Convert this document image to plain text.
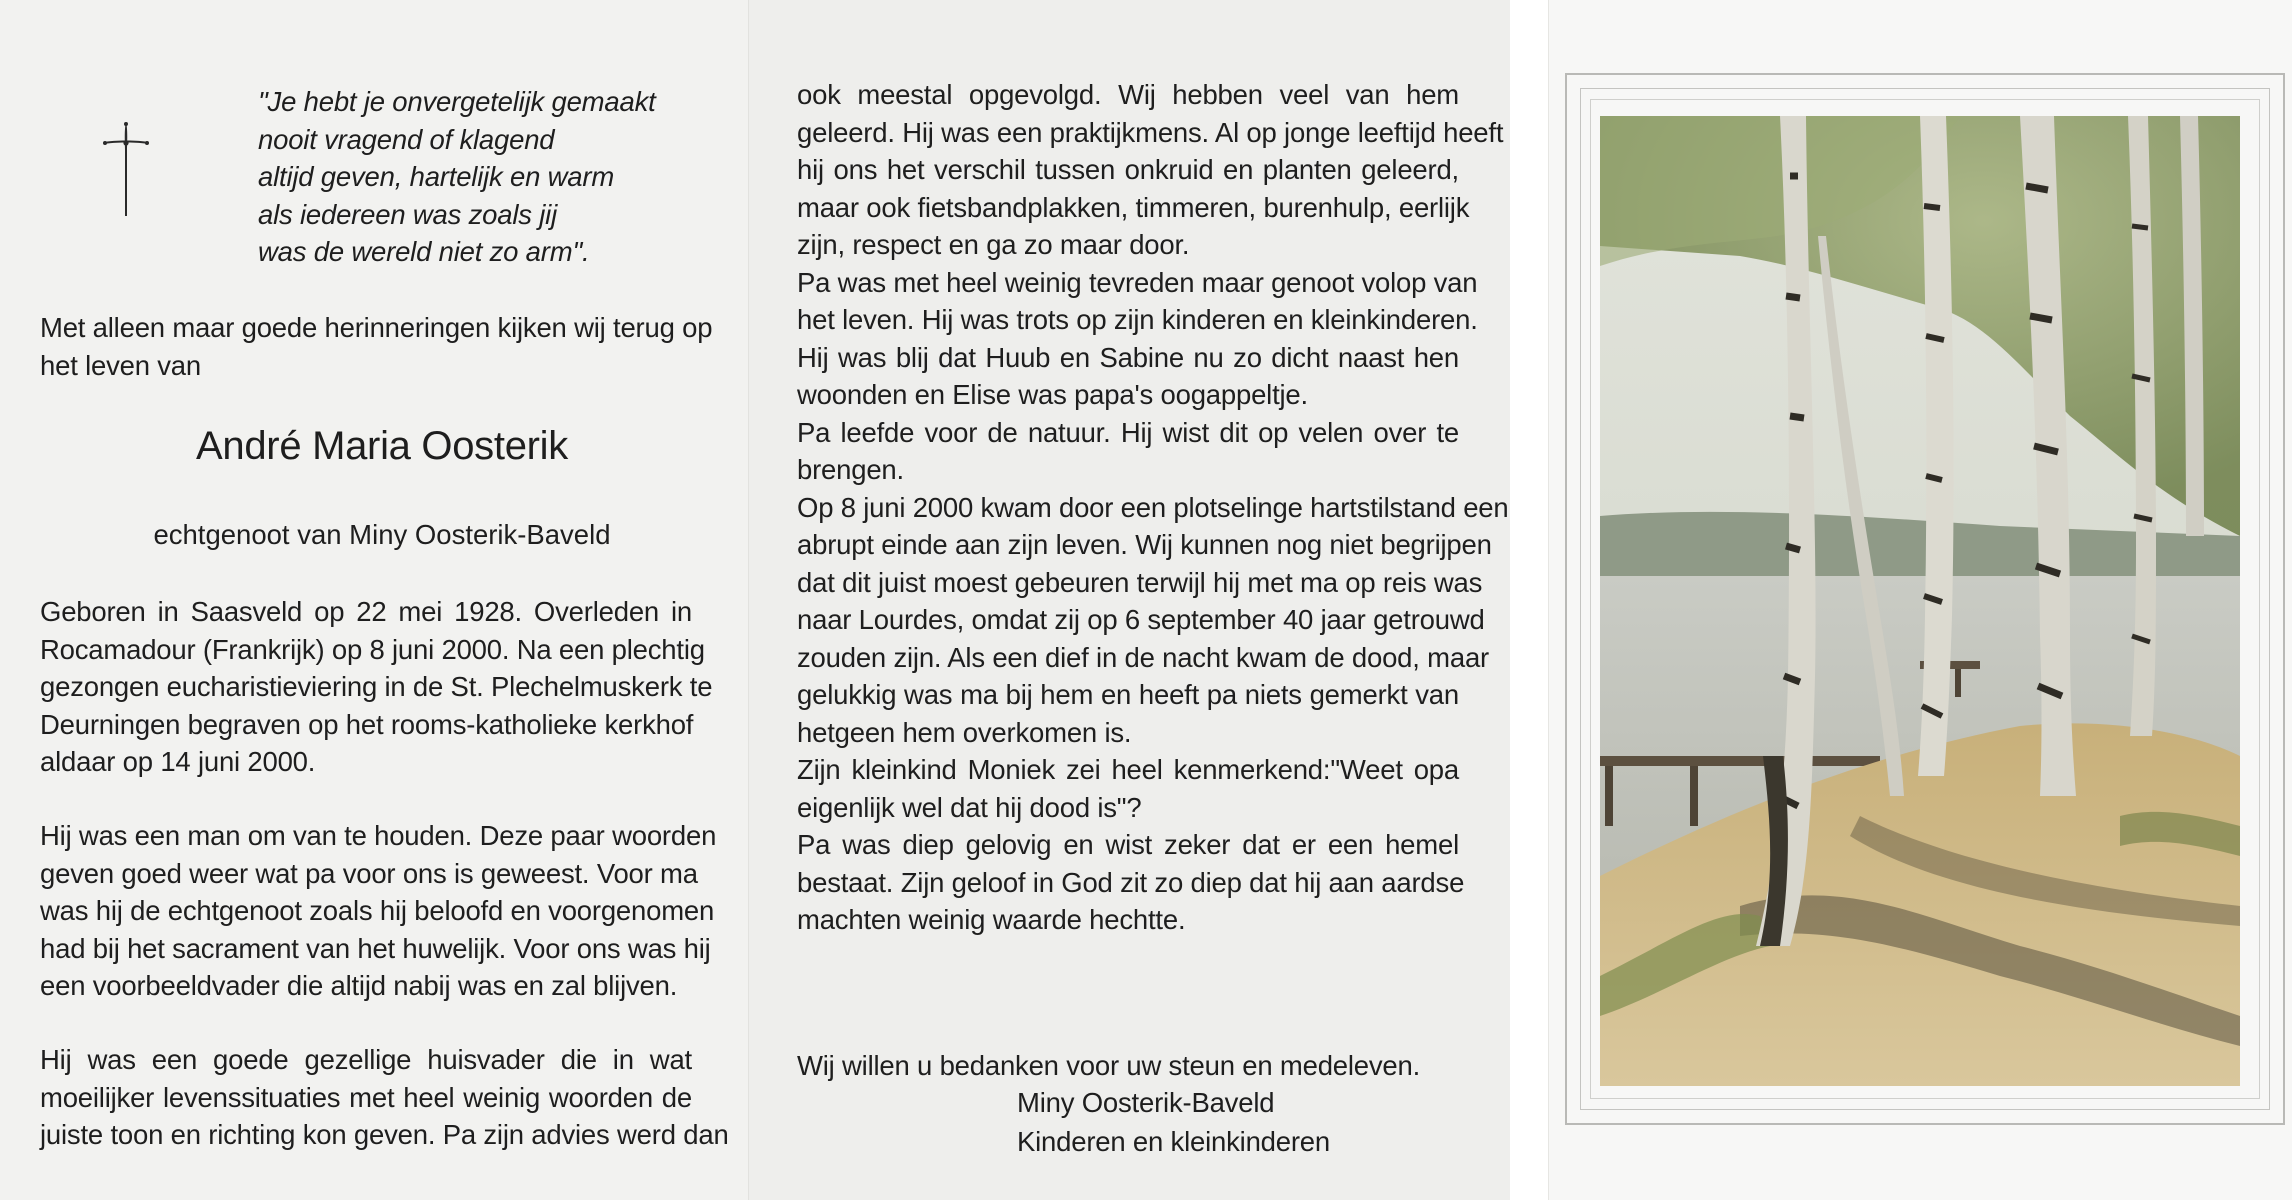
"Je hebt je onvergetelijk gemaakt
nooit vragend of klagend
altijd geven, hartelijk en warm
als iedereen was zoals jij
was de wereld niet zo arm".
Met alleen maar goede herinneringen kijken wij terug op
het leven van
André Maria Oosterik
echtgenoot van Miny Oosterik-Baveld
Geboren in Saasveld op 22 mei 1928. Overleden in
Rocamadour (Frankrijk) op 8 juni 2000. Na een plechtig
gezongen eucharistieviering in de St. Plechelmuskerk te
Deurningen begraven op het rooms-katholieke kerkhof
aldaar op 14 juni 2000.
Hij was een man om van te houden. Deze paar woorden
geven goed weer wat pa voor ons is geweest. Voor ma
was hij de echtgenoot zoals hij beloofd en voorgenomen
had bij het sacrament van het huwelijk. Voor ons was hij
een voorbeeldvader die altijd nabij was en zal blijven.
Hij was een goede gezellige huisvader die in wat
moeilijker levenssituaties met heel weinig woorden de
juiste toon en richting kon geven. Pa zijn advies werd dan
ook meestal opgevolgd. Wij hebben veel van hem
geleerd. Hij was een praktijkmens. Al op jonge leeftijd heeft
hij ons het verschil tussen onkruid en planten geleerd,
maar ook fietsbandplakken, timmeren, burenhulp, eerlijk
zijn, respect en ga zo maar door.
Pa was met heel weinig tevreden maar genoot volop van
het leven. Hij was trots op zijn kinderen en kleinkinderen.
Hij was blij dat Huub en Sabine nu zo dicht naast hen
woonden en Elise was papa's oogappeltje.
Pa leefde voor de natuur. Hij wist dit op velen over te
brengen.
Op 8 juni 2000 kwam door een plotselinge hartstilstand een
abrupt einde aan zijn leven. Wij kunnen nog niet begrijpen
dat dit juist moest gebeuren terwijl hij met ma op reis was
naar Lourdes, omdat zij op 6 september 40 jaar getrouwd
zouden zijn. Als een dief in de nacht kwam de dood, maar
gelukkig was ma bij hem en heeft pa niets gemerkt van
hetgeen hem overkomen is.
Zijn kleinkind Moniek zei heel kenmerkend:"Weet opa
eigenlijk wel dat hij dood is"?
Pa was diep gelovig en wist zeker dat er een hemel
bestaat. Zijn geloof in God zit zo diep dat hij aan aardse
machten weinig waarde hechtte.
Wij willen u bedanken voor uw steun en medeleven.
Miny Oosterik-Baveld
Kinderen en kleinkinderen
